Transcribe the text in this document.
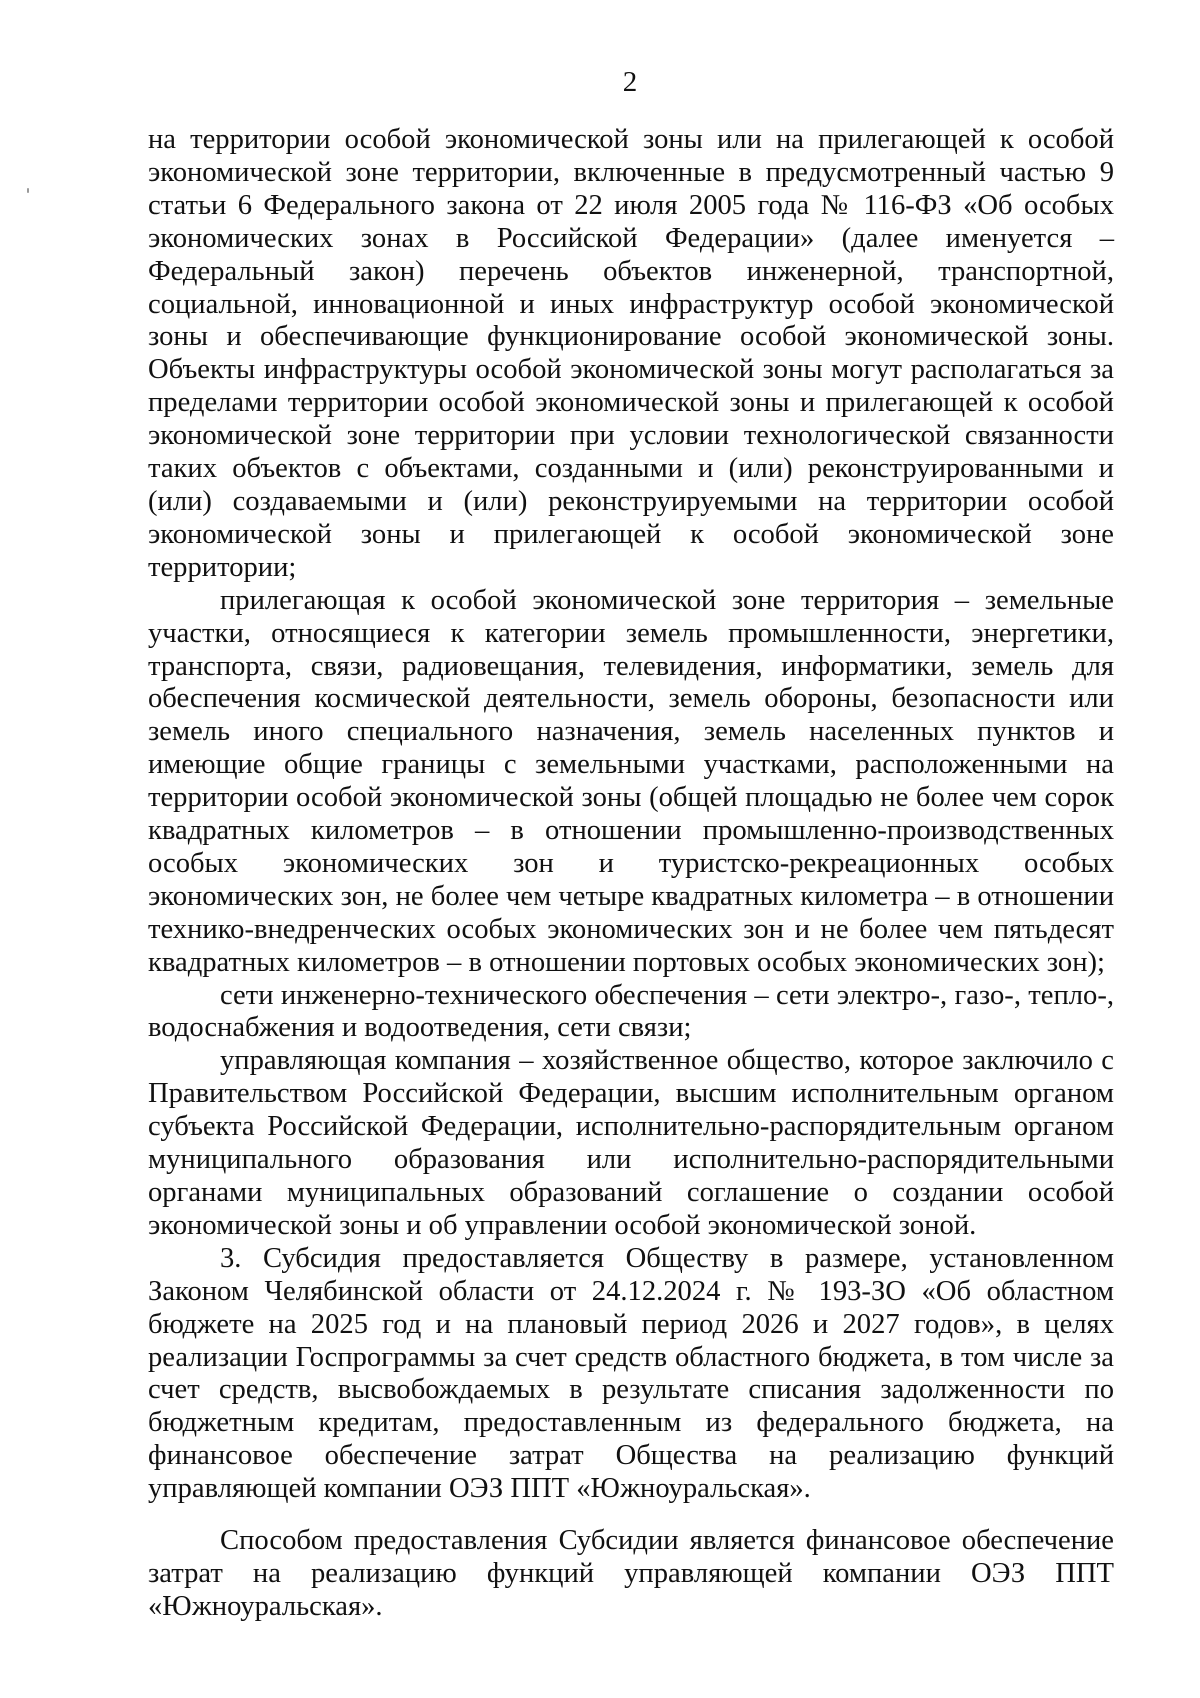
2

на территории особой экономической зоны или на прилегающей к особой экономической зоне территории, включенные в предусмотренный частью 9 статьи 6 Федерального закона от 22 июля 2005 года № 116-ФЗ «Об особых экономических зонах в Российской Федерации» (далее именуется – Федеральный закон) перечень объектов инженерной, транспортной, социальной, инновационной и иных инфраструктур особой экономической зоны и обеспечивающие функционирование особой экономической зоны. Объекты инфраструктуры особой экономической зоны могут располагаться за пределами территории особой экономической зоны и прилегающей к особой экономической зоне территории при условии технологической связанности таких объектов с объектами, созданными и (или) реконструированными и (или) создаваемыми и (или) реконструируемыми на территории особой экономической зоны и прилегающей к особой экономической зоне территории;

прилегающая к особой экономической зоне территория – земельные участки, относящиеся к категории земель промышленности, энергетики, транспорта, связи, радиовещания, телевидения, информатики, земель для обеспечения космической деятельности, земель обороны, безопасности или земель иного специального назначения, земель населенных пунктов и имеющие общие границы с земельными участками, расположенными на территории особой экономической зоны (общей площадью не более чем сорок квадратных километров – в отношении промышленно-производственных особых экономических зон и туристско-рекреационных особых экономических зон, не более чем четыре квадратных километра – в отношении технико-внедренческих особых экономических зон и не более чем пятьдесят квадратных километров – в отношении портовых особых экономических зон);

сети инженерно-технического обеспечения – сети электро-, газо-, тепло-, водоснабжения и водоотведения, сети связи;

управляющая компания – хозяйственное общество, которое заключило с Правительством Российской Федерации, высшим исполнительным органом субъекта Российской Федерации, исполнительно-распорядительным органом муниципального образования или исполнительно-распорядительными органами муниципальных образований соглашение о создании особой экономической зоны и об управлении особой экономической зоной.

3. Субсидия предоставляется Обществу в размере, установленном Законом Челябинской области от 24.12.2024 г. № 193-ЗО «Об областном бюджете на 2025 год и на плановый период 2026 и 2027 годов», в целях реализации Госпрограммы за счет средств областного бюджета, в том числе за счет средств, высвобождаемых в результате списания задолженности по бюджетным кредитам, предоставленным из федерального бюджета, на финансовое обеспечение затрат Общества на реализацию функций управляющей компании ОЭЗ ППТ «Южноуральская».

Способом предоставления Субсидии является финансовое обеспечение затрат на реализацию функций управляющей компании ОЭЗ ППТ «Южноуральская».
